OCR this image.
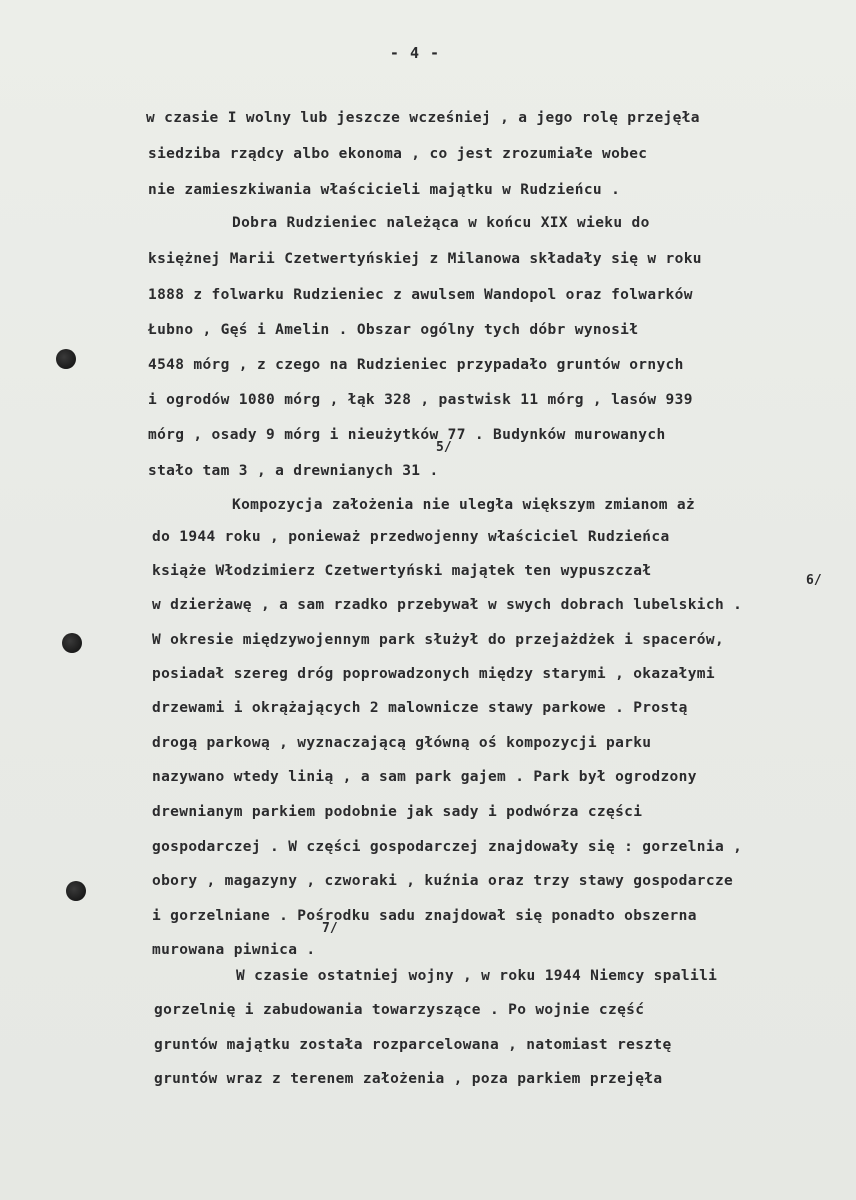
- 4 -
w czasie I wolny lub jeszcze wcześniej , a jego rolę przejęła
siedziba rządcy albo ekonoma , co jest zrozumiałe wobec
nie zamieszkiwania właścicieli majątku w Rudzieńcu .
Dobra Rudzieniec należąca w końcu XIX wieku do
księżnej Marii Czetwertyńskiej z Milanowa składały się w roku
1888 z folwarku Rudzieniec z awulsem Wandopol oraz folwarków
Łubno , Gęś i Amelin . Obszar ogólny tych dóbr wynosił
4548 mórg , z czego na Rudzieniec przypadało gruntów ornych
i ogrodów 1080 mórg , łąk 328 , pastwisk 11 mórg , lasów 939
mórg , osady 9 mórg i nieużytków 77 . Budynków murowanych
stało tam 3 , a drewnianych 31 .
5/
Kompozycja założenia nie uległa większym zmianom aż
do 1944 roku , ponieważ przedwojenny właściciel Rudzieńca
książe Włodzimierz Czetwertyński majątek ten wypuszczał
6/
w dzierżawę , a sam rzadko przebywał w swych dobrach lubelskich .
W okresie międzywojennym park służył do przejażdżek i spacerów,
posiadał szereg dróg poprowadzonych między starymi , okazałymi
drzewami i okrążających 2 malownicze stawy parkowe . Prostą
drogą parkową , wyznaczającą główną oś kompozycji parku
nazywano wtedy linią , a sam park gajem . Park był ogrodzony
drewnianym parkiem podobnie jak sady i podwórza części
gospodarczej . W części gospodarczej znajdowały się : gorzelnia ,
obory , magazyny , czworaki , kuźnia oraz trzy stawy gospodarcze
i gorzelniane . Pośrodku sadu znajdował się ponadto obszerna
murowana piwnica .
7/
W czasie ostatniej wojny , w roku 1944 Niemcy spalili
gorzelnię i zabudowania towarzyszące . Po wojnie część
gruntów majątku została rozparcelowana , natomiast resztę
gruntów wraz z terenem założenia , poza parkiem przejęła
